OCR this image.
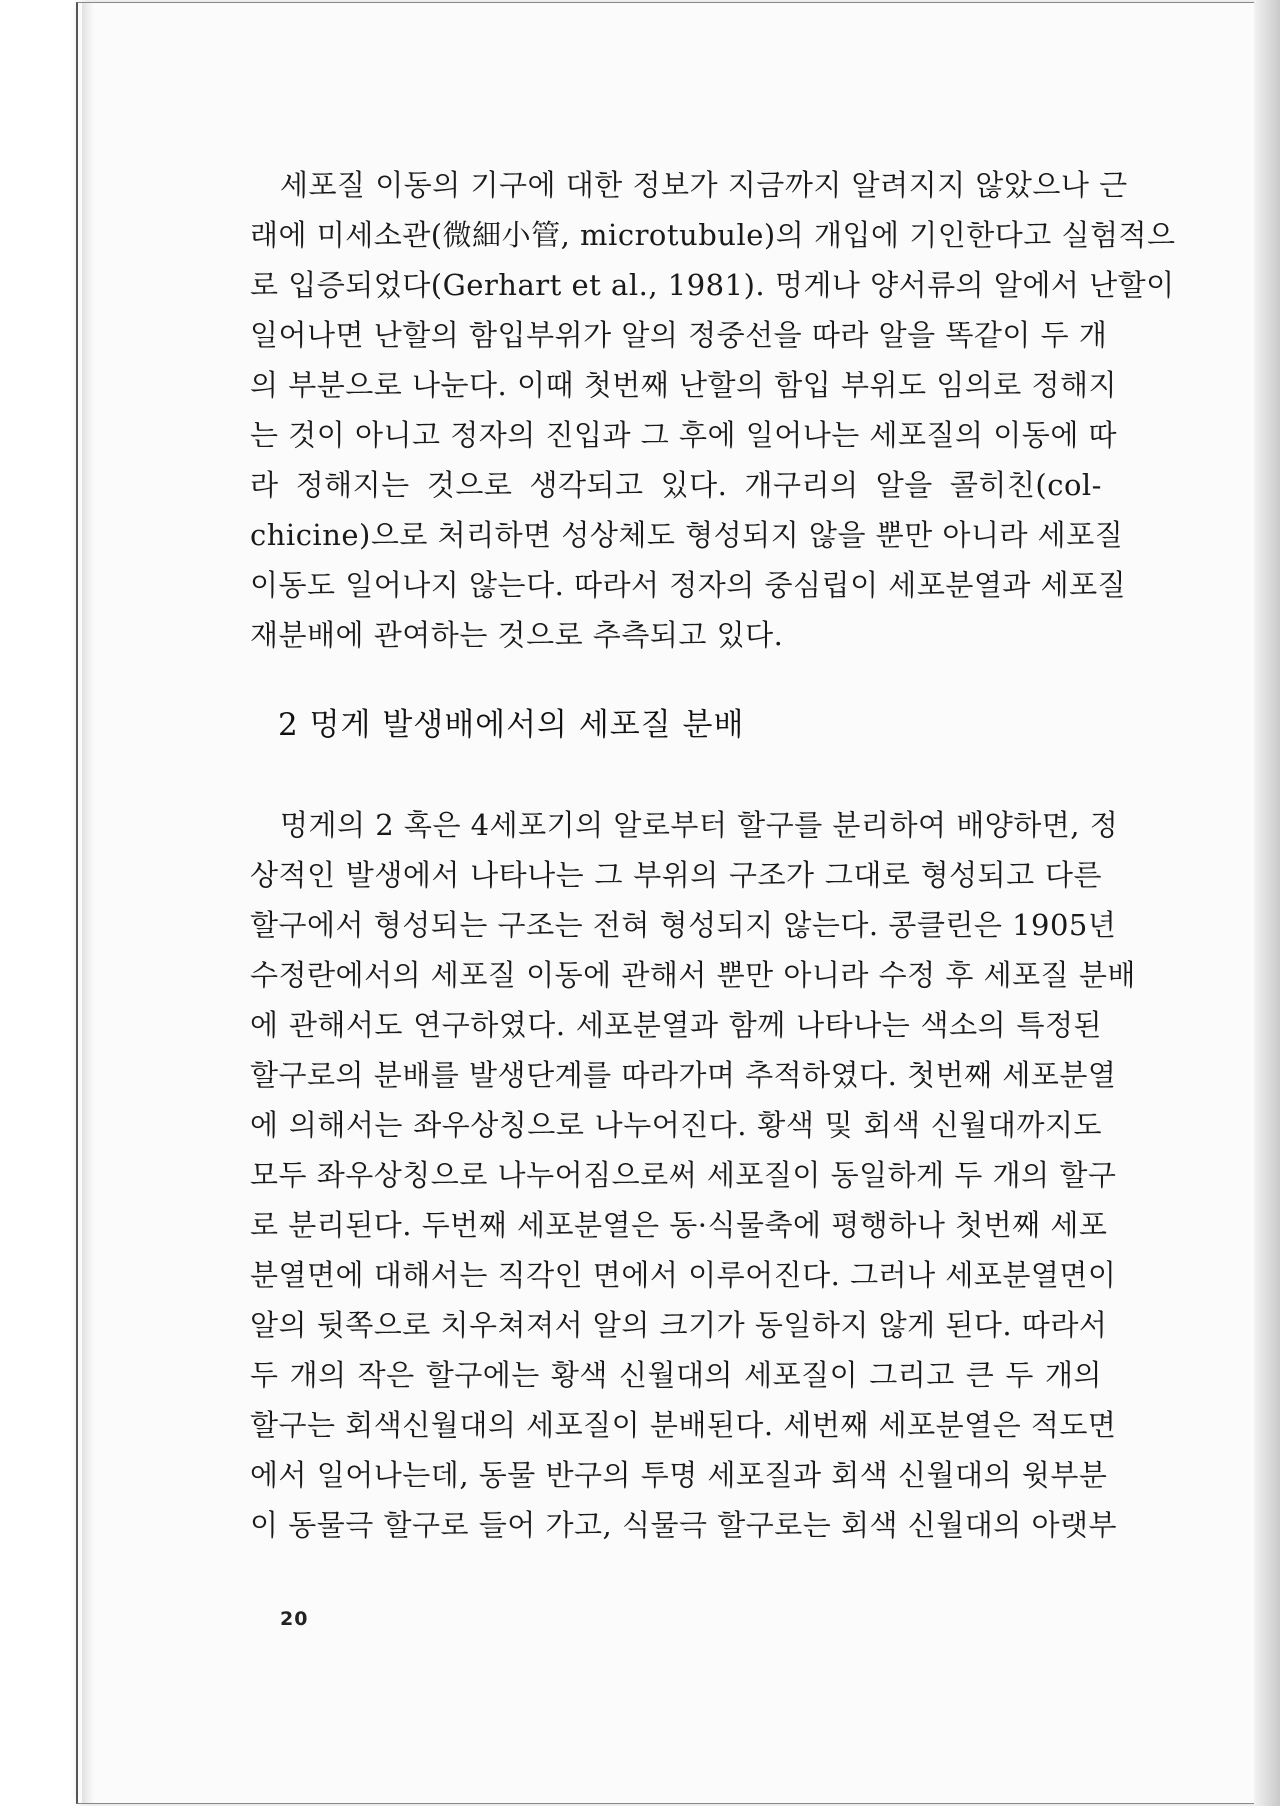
세포질 이동의 기구에 대한 정보가 지금까지 알려지지 않았으나 근
래에 미세소관(微細小管, microtubule)의 개입에 기인한다고 실험적으
로 입증되었다(Gerhart et al., 1981). 멍게나 양서류의 알에서 난할이
일어나면 난할의 함입부위가 알의 정중선을 따라 알을 똑같이 두 개
의 부분으로 나눈다. 이때 첫번째 난할의 함입 부위도 임의로 정해지
는 것이 아니고 정자의 진입과 그 후에 일어나는 세포질의 이동에 따
라 정해지는 것으로 생각되고 있다. 개구리의 알을 콜히친(col-
chicine)으로 처리하면 성상체도 형성되지 않을 뿐만 아니라 세포질
이동도 일어나지 않는다. 따라서 정자의 중심립이 세포분열과 세포질
재분배에 관여하는 것으로 추측되고 있다.
2 멍게 발생배에서의 세포질 분배
멍게의 2 혹은 4세포기의 알로부터 할구를 분리하여 배양하면, 정
상적인 발생에서 나타나는 그 부위의 구조가 그대로 형성되고 다른
할구에서 형성되는 구조는 전혀 형성되지 않는다. 콩클린은 1905년
수정란에서의 세포질 이동에 관해서 뿐만 아니라 수정 후 세포질 분배
에 관해서도 연구하였다. 세포분열과 함께 나타나는 색소의 특정된
할구로의 분배를 발생단계를 따라가며 추적하였다. 첫번째 세포분열
에 의해서는 좌우상칭으로 나누어진다. 황색 및 회색 신월대까지도
모두 좌우상칭으로 나누어짐으로써 세포질이 동일하게 두 개의 할구
로 분리된다. 두번째 세포분열은 동·식물축에 평행하나 첫번째 세포
분열면에 대해서는 직각인 면에서 이루어진다. 그러나 세포분열면이
알의 뒷쪽으로 치우쳐져서 알의 크기가 동일하지 않게 된다. 따라서
두 개의 작은 할구에는 황색 신월대의 세포질이 그리고 큰 두 개의
할구는 회색신월대의 세포질이 분배된다. 세번째 세포분열은 적도면
에서 일어나는데, 동물 반구의 투명 세포질과 회색 신월대의 윗부분
이 동물극 할구로 들어 가고, 식물극 할구로는 회색 신월대의 아랫부
20
